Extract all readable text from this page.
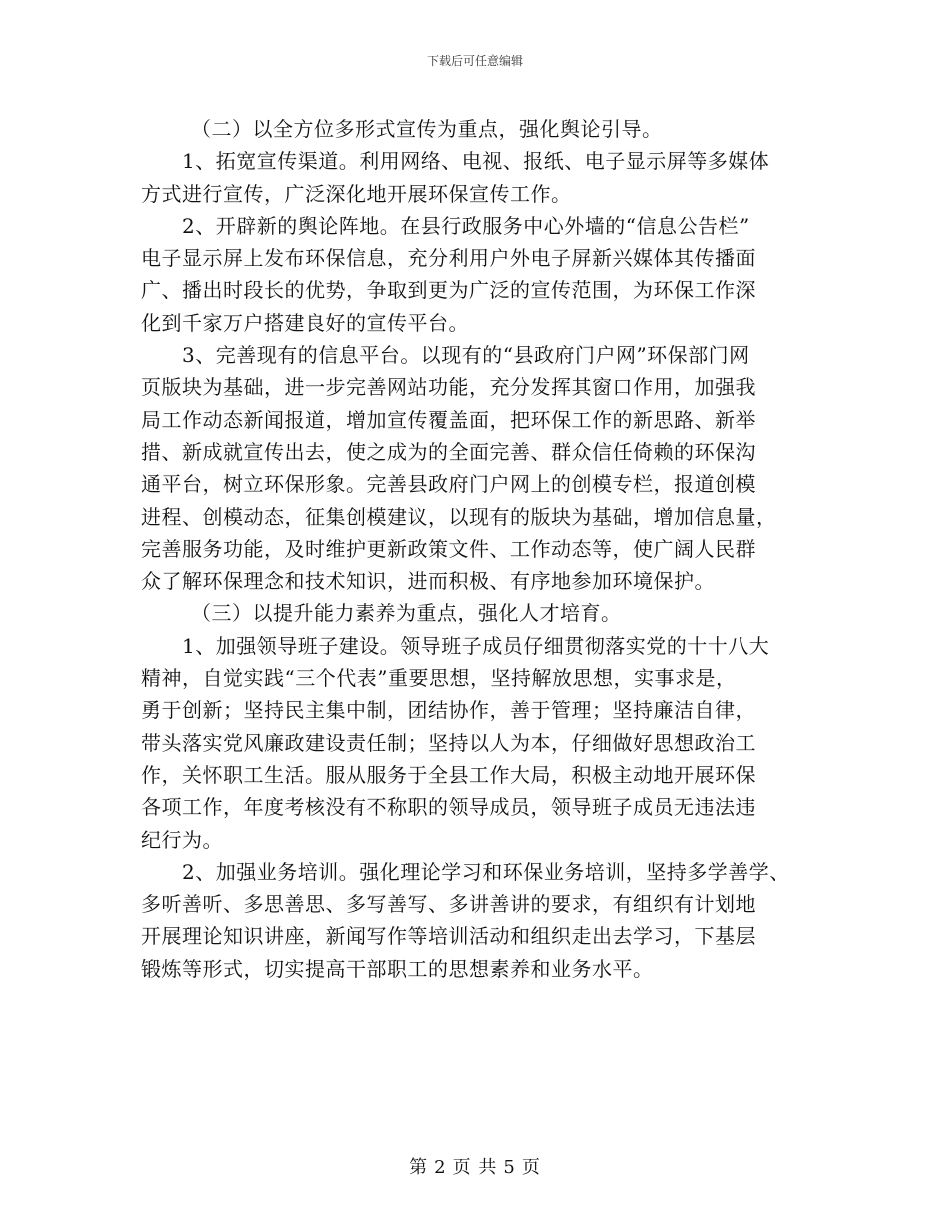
下载后可任意编辑
（二）以全方位多形式宣传为重点，强化舆论引导。
1、拓宽宣传渠道。利用网络、电视、报纸、电子显示屏等多媒体
方式进行宣传，广泛深化地开展环保宣传工作。
2、开辟新的舆论阵地。在县行政服务中心外墙的“信息公告栏”
电子显示屏上发布环保信息，充分利用户外电子屏新兴媒体其传播面
广、播出时段长的优势，争取到更为广泛的宣传范围，为环保工作深
化到千家万户搭建良好的宣传平台。
3、完善现有的信息平台。以现有的“县政府门户网”环保部门网
页版块为基础，进一步完善网站功能，充分发挥其窗口作用，加强我
局工作动态新闻报道，增加宣传覆盖面，把环保工作的新思路、新举
措、新成就宣传出去，使之成为的全面完善、群众信任倚赖的环保沟
通平台，树立环保形象。完善县政府门户网上的创模专栏，报道创模
进程、创模动态，征集创模建议，以现有的版块为基础，增加信息量，
完善服务功能，及时维护更新政策文件、工作动态等，使广阔人民群
众了解环保理念和技术知识，进而积极、有序地参加环境保护。
（三）以提升能力素养为重点，强化人才培育。
1、加强领导班子建设。领导班子成员仔细贯彻落实党的十十八大
精神，自觉实践“三个代表”重要思想，坚持解放思想，实事求是，
勇于创新；坚持民主集中制，团结协作，善于管理；坚持廉洁自律，
带头落实党风廉政建设责任制；坚持以人为本，仔细做好思想政治工
作，关怀职工生活。服从服务于全县工作大局，积极主动地开展环保
各项工作，年度考核没有不称职的领导成员，领导班子成员无违法违
纪行为。
2、加强业务培训。强化理论学习和环保业务培训，坚持多学善学、
多听善听、多思善思、多写善写、多讲善讲的要求，有组织有计划地
开展理论知识讲座，新闻写作等培训活动和组织走出去学习，下基层
锻炼等形式，切实提高干部职工的思想素养和业务水平。
第 2 页 共 5 页
